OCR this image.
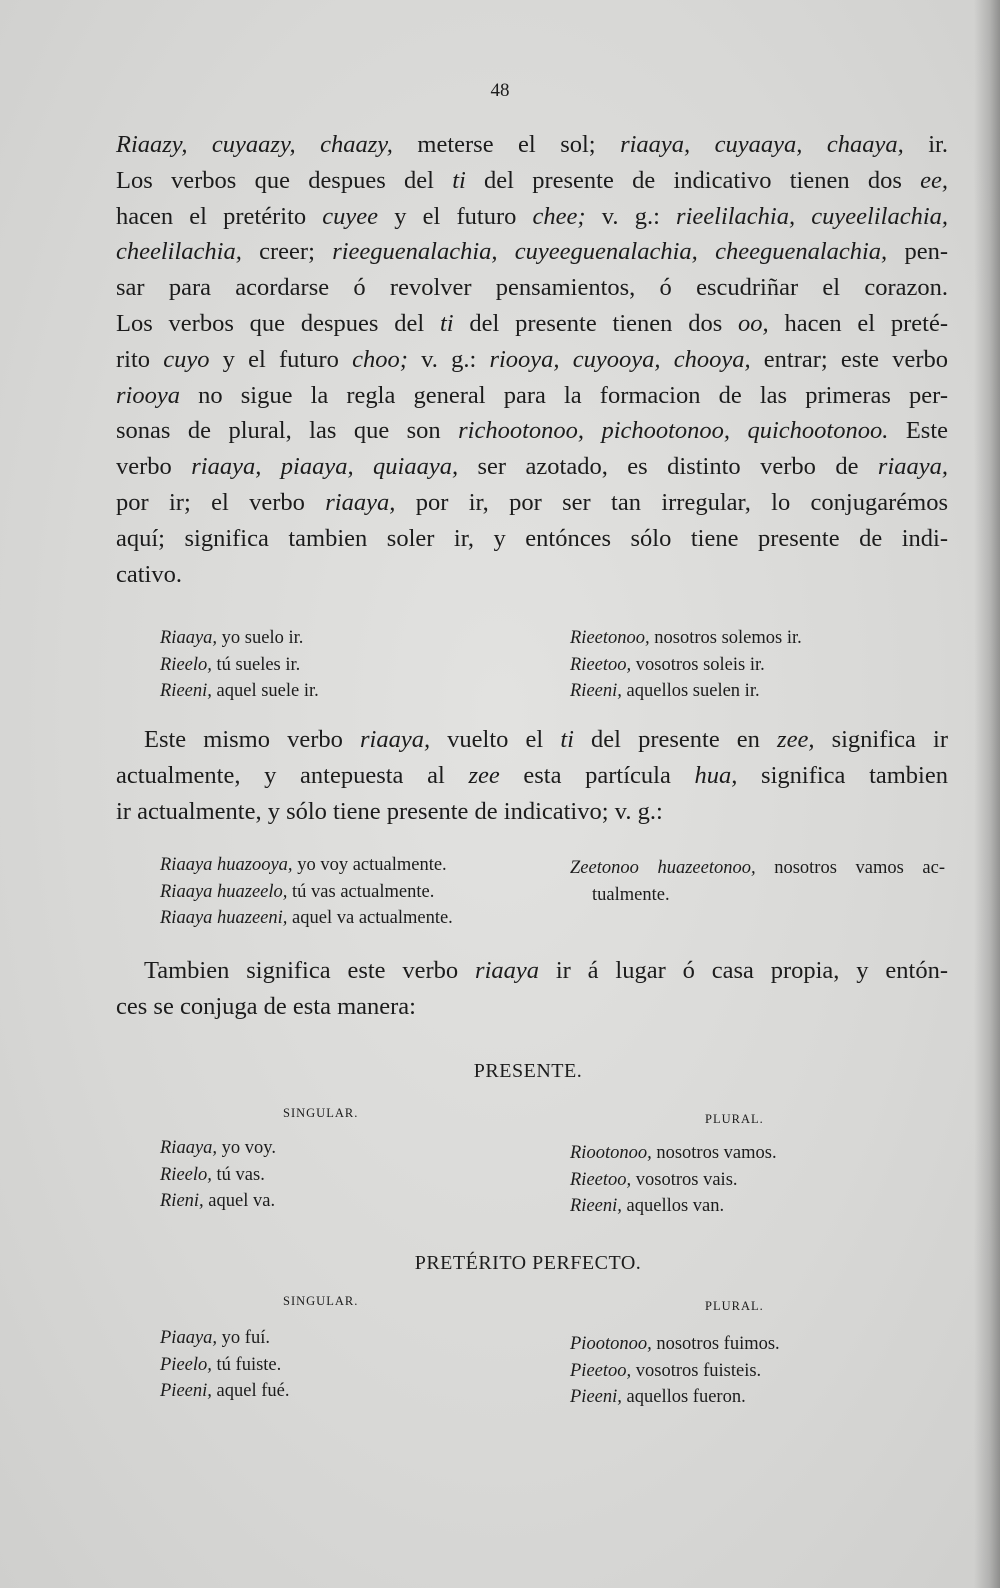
48
Riaazy, cuyaazy, chaazy, meterse el sol; riaaya, cuyaaya, chaaya, ir.
Los verbos que despues del ti del presente de indicativo tienen dos ee,
hacen el pretérito cuyee y el futuro chee; v. g.: rieelilachia, cuyeelilachia,
cheelilachia, creer; rieeguenalachia, cuyeeguenalachia, cheeguenalachia, pen-
sar para acordarse ó revolver pensamientos, ó escudriñar el corazon.
Los verbos que despues del ti del presente tienen dos oo, hacen el preté-
rito cuyo y el futuro choo; v. g.: riooya, cuyooya, chooya, entrar; este verbo
riooya no sigue la regla general para la formacion de las primeras per-
sonas de plural, las que son richootonoo, pichootonoo, quichootonoo. Este
verbo riaaya, piaaya, quiaaya, ser azotado, es distinto verbo de riaaya,
por ir; el verbo riaaya, por ir, por ser tan irregular, lo conjugarémos
aquí; significa tambien soler ir, y entónces sólo tiene presente de indi-
cativo.
Riaaya, yo suelo ir.
Rieelo, tú sueles ir.
Rieeni, aquel suele ir.
Rieetonoo, nosotros solemos ir.
Rieetoo, vosotros soleis ir.
Rieeni, aquellos suelen ir.
Este mismo verbo riaaya, vuelto el ti del presente en zee, significa ir
actualmente, y antepuesta al zee esta partícula hua, significa tambien
ir actualmente, y sólo tiene presente de indicativo; v. g.:
Riaaya huazooya, yo voy actualmente.
Riaaya huazeelo, tú vas actualmente.
Riaaya huazeeni, aquel va actualmente.
Zeetonoo huazeetonoo, nosotros vamos ac-
tualmente.
Tambien significa este verbo riaaya ir á lugar ó casa propia, y entón-
ces se conjuga de esta manera:
PRESENTE.
SINGULAR.	PLURAL.
Riaaya, yo voy.
Rieelo, tú vas.
Rieni, aquel va.
Riootonoo, nosotros vamos.
Rieetoo, vosotros vais.
Rieeni, aquellos van.
PRETÉRITO PERFECTO.
SINGULAR.	PLURAL.
Piaaya, yo fuí.
Pieelo, tú fuiste.
Pieeni, aquel fué.
Piootonoo, nosotros fuimos.
Pieetoo, vosotros fuisteis.
Pieeni, aquellos fueron.
